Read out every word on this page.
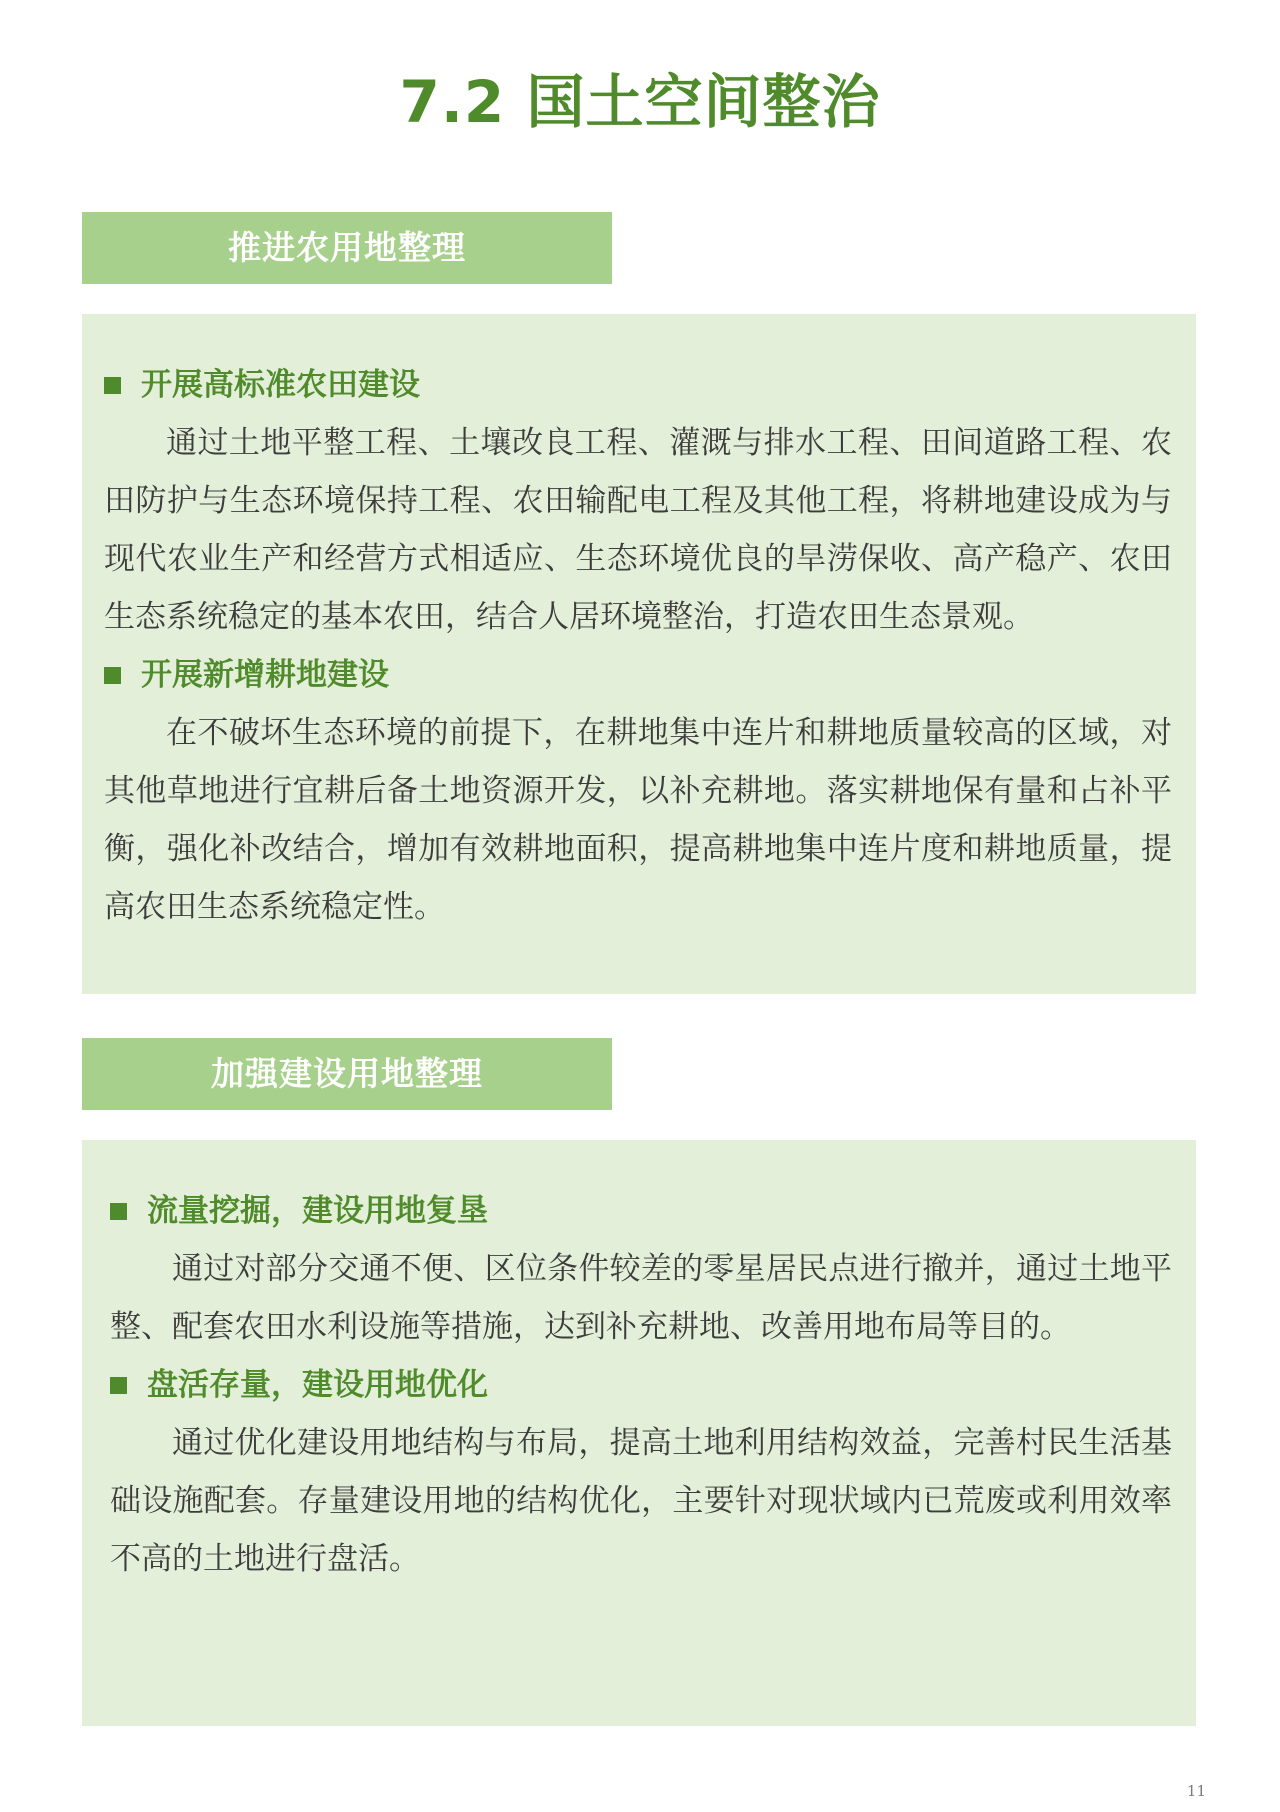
7.2 国土空间整治
推进农用地整理
开展高标准农田建设

通过土地平整工程、土壤改良工程、灌溉与排水工程、田间道路工程、农田防护与生态环境保持工程、农田输配电工程及其他工程，将耕地建设成为与现代农业生产和经营方式相适应、生态环境优良的旱涝保收、高产稳产、农田生态系统稳定的基本农田，结合人居环境整治，打造农田生态景观。

开展新增耕地建设

在不破坏生态环境的前提下，在耕地集中连片和耕地质量较高的区域，对其他草地进行宜耕后备土地资源开发，以补充耕地。落实耕地保有量和占补平衡，强化补改结合，增加有效耕地面积，提高耕地集中连片度和耕地质量，提高农田生态系统稳定性。

加强建设用地整理
流量挖掘，建设用地复垦

通过对部分交通不便、区位条件较差的零星居民点进行撤并，通过土地平整、配套农田水利设施等措施，达到补充耕地、改善用地布局等目的。

盘活存量，建设用地优化

通过优化建设用地结构与布局，提高土地利用结构效益，完善村民生活基础设施配套。存量建设用地的结构优化，主要针对现状域内已荒废或利用效率不高的土地进行盘活。

11
